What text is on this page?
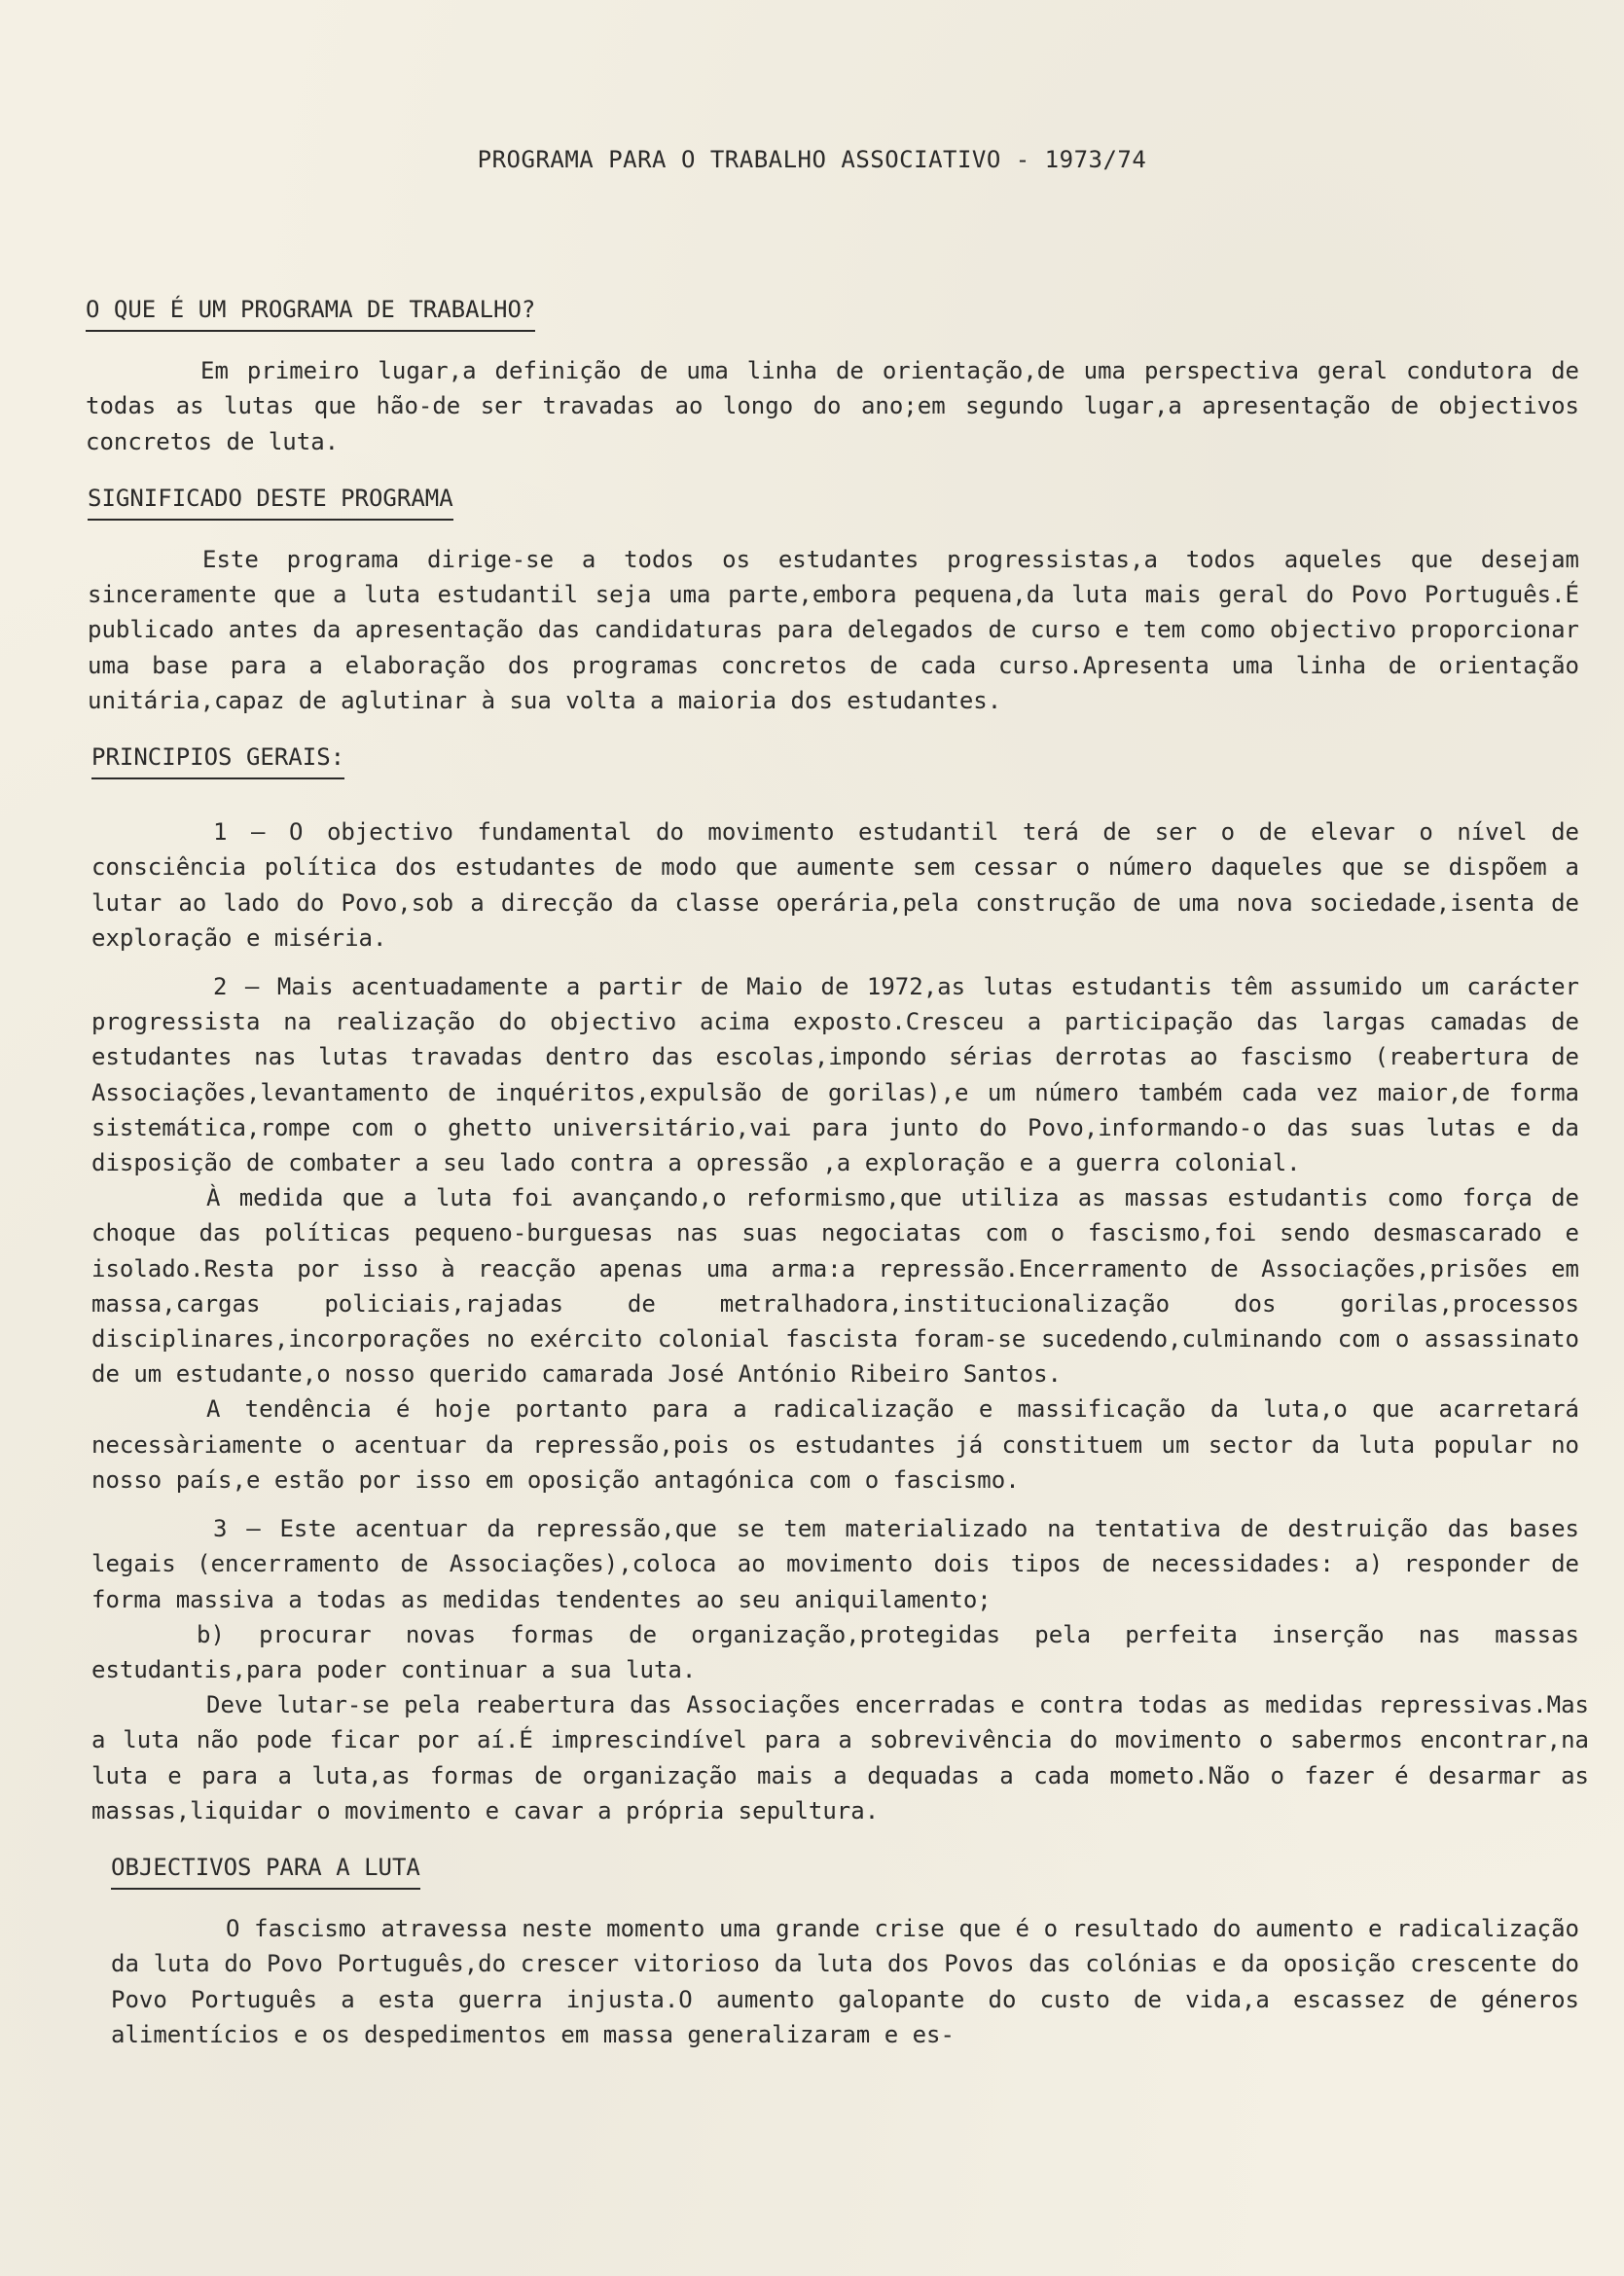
PROGRAMA PARA O TRABALHO ASSOCIATIVO - 1973/74
O QUE É UM PROGRAMA DE TRABALHO?

Em primeiro lugar,a definição de uma linha de orientação,de uma perspectiva geral condutora de todas as lutas que hão-de ser travadas ao longo do ano;em segundo lugar,a apresentação de objectivos concretos de luta.

SIGNIFICADO DESTE PROGRAMA

Este programa dirige-se a todos os estudantes progressistas,a todos aqueles que desejam sinceramente que a luta estudantil seja uma parte,embora pequena,da luta mais geral do Povo Português.É publicado antes da apresentação das candidaturas para delegados de curso e tem como objectivo proporcionar uma base para a elaboração dos programas concretos de cada curso.Apresenta uma linha de orientação unitária,capaz de aglutinar à sua volta a maioria dos estudantes.

PRINCIPIOS GERAIS:

1 — O objectivo fundamental do movimento estudantil terá de ser o de elevar o nível de consciência política dos estudantes de modo que aumente sem cessar o número daqueles que se dispõem a lutar ao lado do Povo,sob a direcção da classe operária,pela construção de uma nova sociedade,isenta de exploração e miséria.

2 — Mais acentuadamente a partir de Maio de 1972,as lutas estudantis têm assumido um carácter progressista na realização do objectivo acima exposto.Cresceu a participação das largas camadas de estudantes nas lutas travadas dentro das escolas,impondo sérias derrotas ao fascismo (reabertura de Associações,levantamento de inquéritos,expulsão de gorilas),e um número também cada vez maior,de forma sistemática,rompe com o ghetto universitário,vai para junto do Povo,informando-o das suas lutas e da disposição de combater a seu lado contra a opressão ,a exploração e a guerra colonial.

À medida que a luta foi avançando,o reformismo,que utiliza as massas estudantis como força de choque das políticas pequeno-burguesas nas suas negociatas com o fascismo,foi sendo desmascarado e isolado.Resta por isso à reacção apenas uma arma:a repressão.Encerramento de Associações,prisões em massa,cargas policiais,rajadas de metralhadora,institucionalização dos gorilas,processos disciplinares,incorporações no exército colonial fascista foram-se sucedendo,culminando com o assassinato de um estudante,o nosso querido camarada José António Ribeiro Santos.

A tendência é hoje portanto para a radicalização e massificação da luta,o que acarretará necessàriamente o acentuar da repressão,pois os estudantes já constituem um sector da luta popular no nosso país,e estão por isso em oposição antagónica com o fascismo.

3 — Este acentuar da repressão,que se tem materializado na tentativa de destruição das bases legais (encerramento de Associações),coloca ao movimento dois tipos de necessidades: a) responder de forma massiva a todas as medidas tendentes ao seu aniquilamento;

b) procurar novas formas de organização,protegidas pela perfeita inserção nas massas estudantis,para poder continuar a sua luta.

Deve lutar-se pela reabertura das Associações encerradas e contra todas as medidas repressivas.Mas a luta não pode ficar por aí.É imprescindível para a sobrevivência do movimento o sabermos encontrar,na luta e para a luta,as formas de organização mais a dequadas a cada mometo.Não o fazer é desarmar as massas,liquidar o movimento e cavar a própria sepultura.

OBJECTIVOS PARA A LUTA

O fascismo atravessa neste momento uma grande crise que é o resultado do aumento e radicalização da luta do Povo Português,do crescer vitorioso da luta dos Povos das colónias e da oposição crescente do Povo Português a esta guerra injusta.O aumento galopante do custo de vida,a escassez de géneros alimentícios e os despedimentos em massa generalizaram e es-
